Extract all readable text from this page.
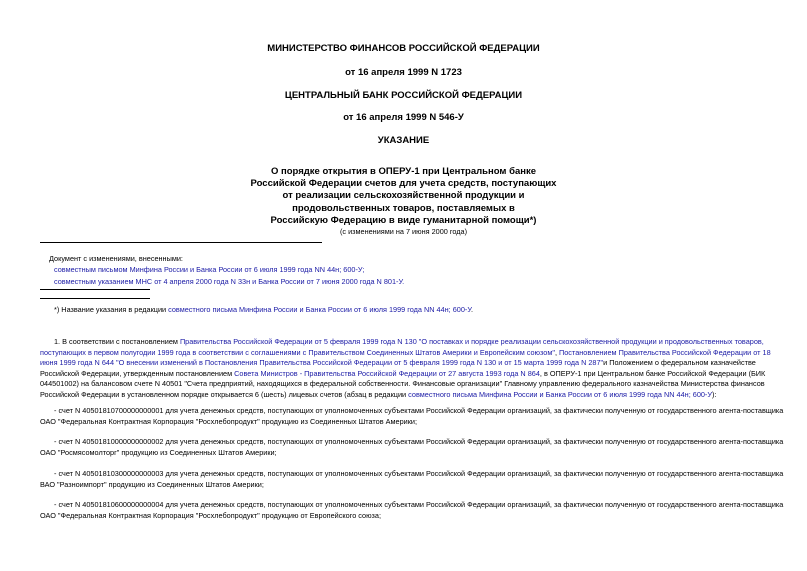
МИНИСТЕРСТВО ФИНАНСОВ РОССИЙСКОЙ ФЕДЕРАЦИИ
от 16 апреля 1999 N 1723
ЦЕНТРАЛЬНЫЙ БАНК РОССИЙСКОЙ ФЕДЕРАЦИИ
от 16 апреля 1999 N 546-У
УКАЗАНИЕ
О порядке открытия в ОПЕРУ-1 при Центральном банке
Российской Федерации счетов для учета средств, поступающих
от реализации сельскохозяйственной продукции и
продовольственных товаров, поставляемых в
Российскую Федерацию в виде гуманитарной помощи*)
(с изменениями на 7 июня 2000 года)
Документ с изменениями, внесенными:
совместным письмом Минфина России и Банка России от 6 июля 1999 года NN 44н; 600-У;
совместным указанием МНС от 4 апреля 2000 года N 33н и Банка России от 7 июня 2000 года N 801-У.
*) Название указания в редакции совместного письма Минфина России и Банка России от 6 июля 1999 года NN 44н; 600-У.
1. В соответствии с постановлением Правительства Российской Федерации от 5 февраля 1999 года N 130 "О поставках и порядке реализации сельскохозяйственной продукции и продовольственных товаров,
поступающих в первом полугодии 1999 года в соответствии с соглашениями с Правительством Соединенных Штатов Америки и Европейским союзом", Постановлением Правительства Российской Федерации от 18
июня 1999 года N 644 "О внесении изменений в Постановления Правительства Российской Федерации от 5 февраля 1999 года N 130 и от 15 марта 1999 года N 287"и Положением о федеральном казначействе
Российской Федерации, утвержденным постановлением Совета Министров - Правительства Российской Федерации от 27 августа 1993 года N 864, в ОПЕРУ-1 при Центральном банке Российской Федерации (БИК
044501002) на балансовом счете N 40501 "Счета предприятий, находящихся в федеральной собственности. Финансовые организации" Главному управлению федерального казначейства Министерства финансов
Российской Федерации в установленном порядке открывается 6 (шесть) лицевых счетов (абзац в редакции совместного письма Минфина России и Банка России от 6 июля 1999 года NN 44н; 600-У):
- счет N 40501810700000000001 для учета денежных средств, поступающих от уполномоченных субъектами Российской Федерации организаций, за фактически полученную от государственного агента-поставщика
ОАО "Федеральная Контрактная Корпорация "Росхлебопродукт" продукцию из Соединенных Штатов Америки;
- счет N 40501810000000000002 для учета денежных средств, поступающих от уполномоченных субъектами Российской Федерации организаций, за фактически полученную от государственного агента-поставщика
ОАО "Росмясомолторг" продукцию из Соединенных Штатов Америки;
- счет N 40501810300000000003 для учета денежных средств, поступающих от уполномоченных субъектами Российской Федерации организаций, за фактически полученную от государственного агента-поставщика
ВАО "Разноимпорт" продукцию из Соединенных Штатов Америки;
- счет N 40501810600000000004 для учета денежных средств, поступающих от уполномоченных субъектами Российской Федерации организаций, за фактически полученную от государственного агента-поставщика
ОАО "Федеральная Контрактная Корпорация "Росхлебопродукт" продукцию от Европейского союза;
